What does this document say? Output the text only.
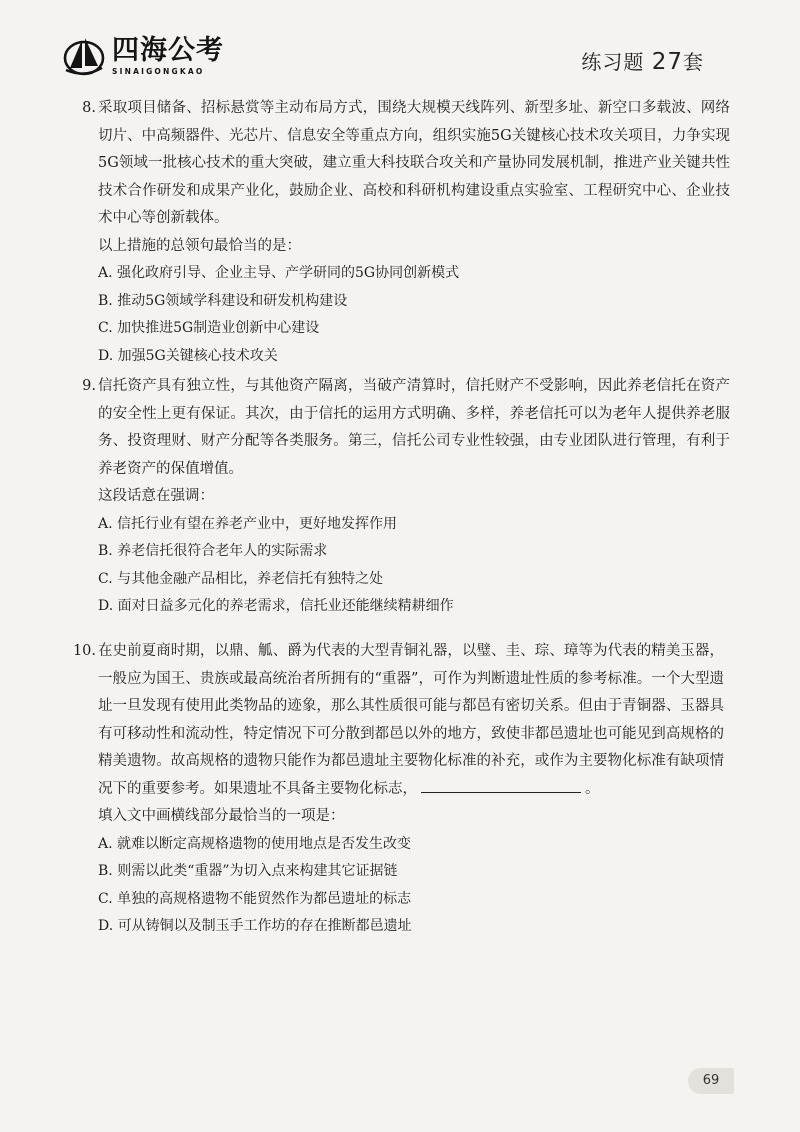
四海公考
SINAIGONGKAO	练习题 27套
8. 采取项目储备、招标悬赏等主动布局方式，围绕大规模天线阵列、新型多址、新空口多载波、网络切片、中高频器件、光芯片、信息安全等重点方向，组织实施5G关键核心技术攻关项目，力争实现5G领域一批核心技术的重大突破，建立重大科技联合攻关和产量协同发展机制，推进产业关键共性技术合作研发和成果产业化，鼓励企业、高校和科研机构建设重点实验室、工程研究中心、企业技术中心等创新载体。
以上措施的总领句最恰当的是：
A. 强化政府引导、企业主导、产学研同的5G协同创新模式
B. 推动5G领域学科建设和研发机构建设
C. 加快推进5G制造业创新中心建设
D. 加强5G关键核心技术攻关
9. 信托资产具有独立性，与其他资产隔离，当破产清算时，信托财产不受影响，因此养老信托在资产的安全性上更有保证。其次，由于信托的运用方式明确、多样，养老信托可以为老年人提供养老服务、投资理财、财产分配等各类服务。第三，信托公司专业性较强，由专业团队进行管理，有利于养老资产的保值增值。
这段话意在强调：
A. 信托行业有望在养老产业中，更好地发挥作用
B. 养老信托很符合老年人的实际需求
C. 与其他金融产品相比，养老信托有独特之处
D. 面对日益多元化的养老需求，信托业还能继续精耕细作
10. 在史前夏商时期，以鼎、觚、爵为代表的大型青铜礼器，以璧、圭、琮、璋等为代表的精美玉器，一般应为国王、贵族或最高统治者所拥有的“重器”，可作为判断遗址性质的参考标准。一个大型遗址一旦发现有使用此类物品的迹象，那么其性质很可能与都邑有密切关系。但由于青铜器、玉器具有可移动性和流动性，特定情况下可分散到都邑以外的地方，致使非都邑遗址也可能见到高规格的精美遗物。故高规格的遗物只能作为都邑遗址主要物化标准的补充，或作为主要物化标准有缺项情况下的重要参考。如果遗址不具备主要物化标志，	。
填入文中画横线部分最恰当的一项是：
A. 就难以断定高规格遗物的使用地点是否发生改变
B. 则需以此类“重器”为切入点来构建其它证据链
C. 单独的高规格遗物不能贸然作为都邑遗址的标志
D. 可从铸铜以及制玉手工作坊的存在推断都邑遗址
69
